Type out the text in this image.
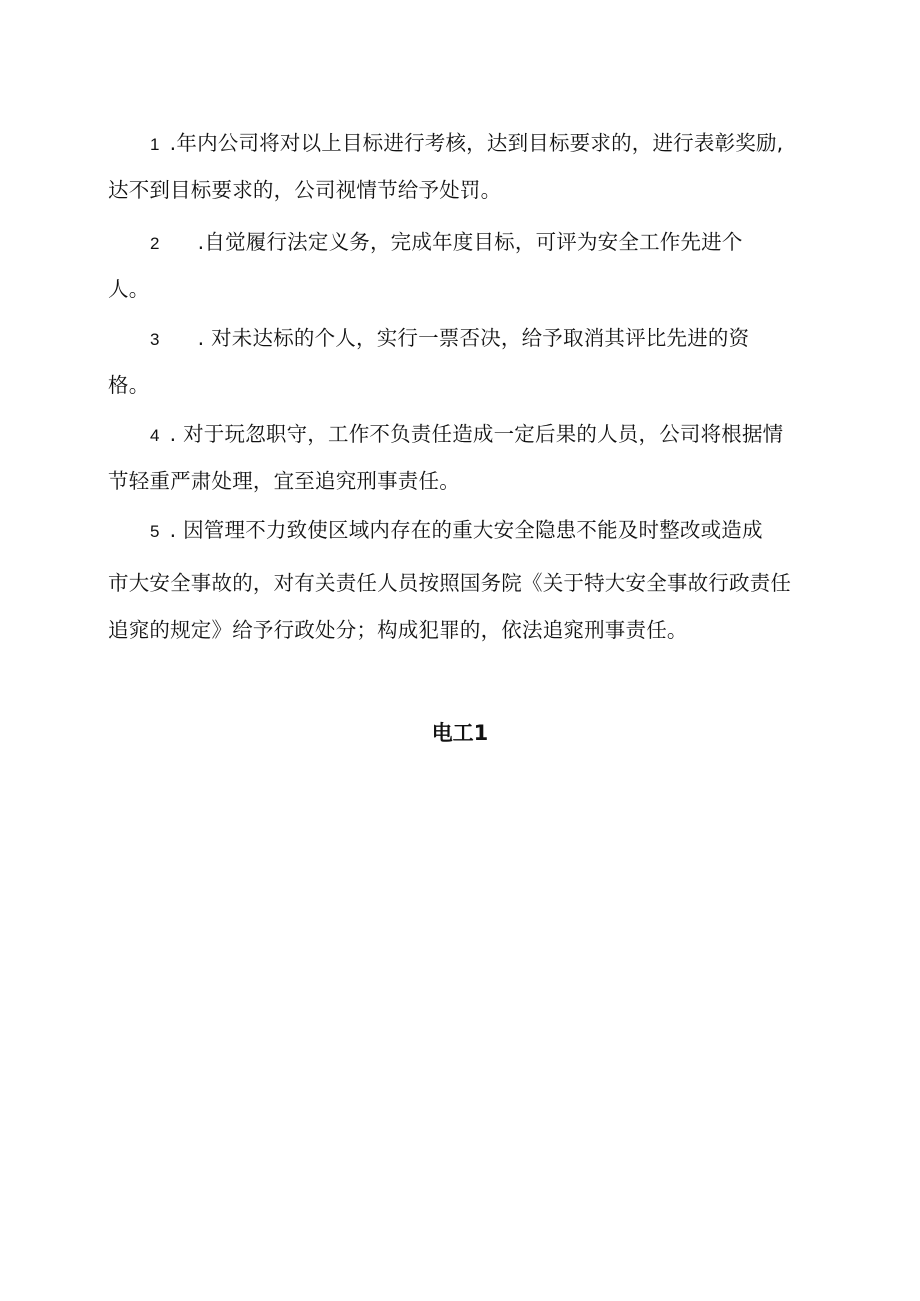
1 .年内公司将对以上目标进行考核，达到目标要求的，进行表彰奖励,
达不到目标要求的，公司视情节给予处罚。
2 .自觉履行法定义务，完成年度目标，可评为安全工作先进个
人。
3 . 对未达标的个人，实行一票否决，给予取消其评比先进的资
格。
4 . 对于玩忽职守，工作不负责任造成一定后果的人员，公司将根据情
节轻重严肃处理，宜至追究刑事责任。
5 . 因管理不力致使区域内存在的重大安全隐患不能及时整改或造成
市大安全事故的，对有关责任人员按照国务院《关于特大安全事故行政责任
追窕的规定》给予行政处分；构成犯罪的，依法追窕刑事责任。
电工1
